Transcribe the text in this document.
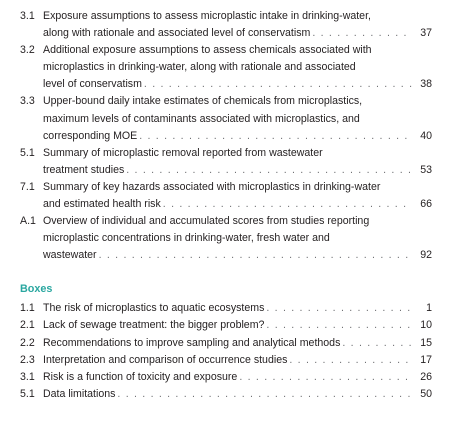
3.1 Exposure assumptions to assess microplastic intake in drinking-water,
along with rationale and associated level of conservatism . . .	37
3.2 Additional exposure assumptions to assess chemicals associated with
microplastics in drinking-water, along with rationale and associated
level of conservatism . . .	38
3.3 Upper-bound daily intake estimates of chemicals from microplastics,
maximum levels of contaminants associated with microplastics, and
corresponding MOE . . .	40
5.1 Summary of microplastic removal reported from wastewater
treatment studies . . .	53
7.1 Summary of key hazards associated with microplastics in drinking-water
and estimated health risk . . .	66
A.1 Overview of individual and accumulated scores from studies reporting
microplastic concentrations in drinking-water, fresh water and
wastewater . . .	92
Boxes
1.1 The risk of microplastics to aquatic ecosystems . . .	1
2.1 Lack of sewage treatment: the bigger problem? . . .	10
2.2 Recommendations to improve sampling and analytical methods . . .	15
2.3 Interpretation and comparison of occurrence studies . . .	17
3.1 Risk is a function of toxicity and exposure . . .	26
5.1 Data limitations . . .	50
